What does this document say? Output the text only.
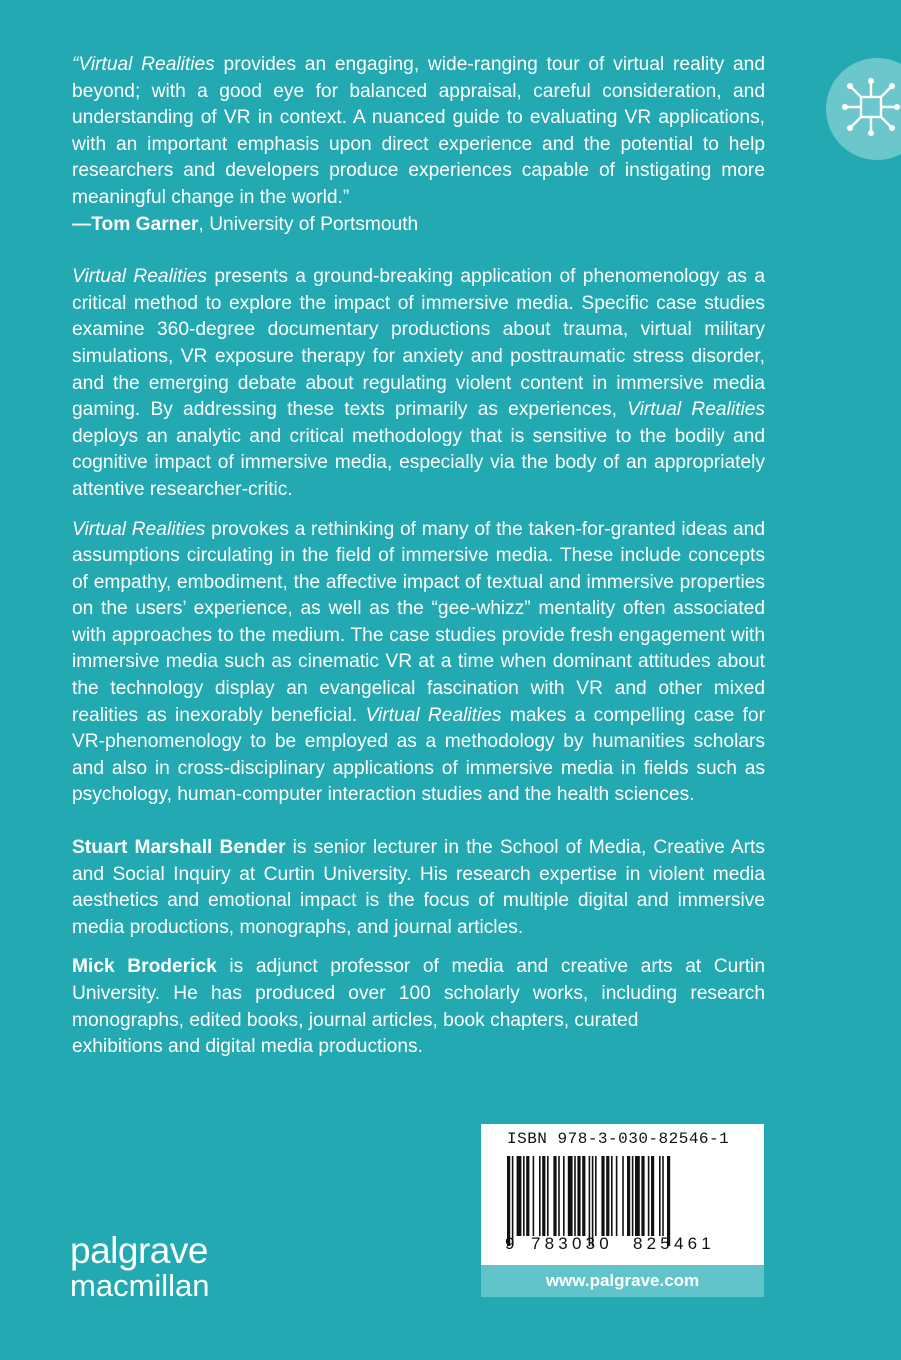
“Virtual Realities provides an engaging, wide-ranging tour of virtual reality and beyond; with a good eye for balanced appraisal, careful consideration, and understanding of VR in context. A nuanced guide to evaluating VR applications, with an important emphasis upon direct experience and the potential to help researchers and developers produce experiences capable of instigating more meaningful change in the world.”
—Tom Garner, University of Portsmouth

Virtual Realities presents a ground-breaking application of phenomenology as a critical method to explore the impact of immersive media. Specific case studies examine 360-degree documentary productions about trauma, virtual military simulations, VR exposure therapy for anxiety and posttraumatic stress disorder, and the emerging debate about regulating violent content in immersive media gaming. By addressing these texts primarily as experiences, Virtual Realities deploys an analytic and critical methodology that is sensitive to the bodily and cognitive impact of immersive media, especially via the body of an appropriately attentive researcher-critic.

Virtual Realities provokes a rethinking of many of the taken-for-granted ideas and assumptions circulating in the field of immersive media. These include concepts of empathy, embodiment, the affective impact of textual and immersive properties on the users’ experience, as well as the “gee-whizz” mentality often associated with approaches to the medium. The case studies provide fresh engagement with immersive media such as cinematic VR at a time when dominant attitudes about the technology display an evangelical fascination with VR and other mixed realities as inexorably beneficial. Virtual Realities makes a compelling case for VR-phenomenology to be employed as a methodology by humanities scholars and also in cross-disciplinary applications of immersive media in fields such as psychology, human-computer interaction studies and the health sciences.

Stuart Marshall Bender is senior lecturer in the School of Media, Creative Arts and Social Inquiry at Curtin University. His research expertise in violent media aesthetics and emotional impact is the focus of multiple digital and immersive media productions, monographs, and journal articles.

Mick Broderick is adjunct professor of media and creative arts at Curtin University. He has produced over 100 scholarly works, including research monographs, edited books, journal articles, book chapters, curated
exhibitions and digital media productions.

ISBN 978-3-030-82546-1
9 783030 825461
www.palgrave.com
palgrave
macmillan
